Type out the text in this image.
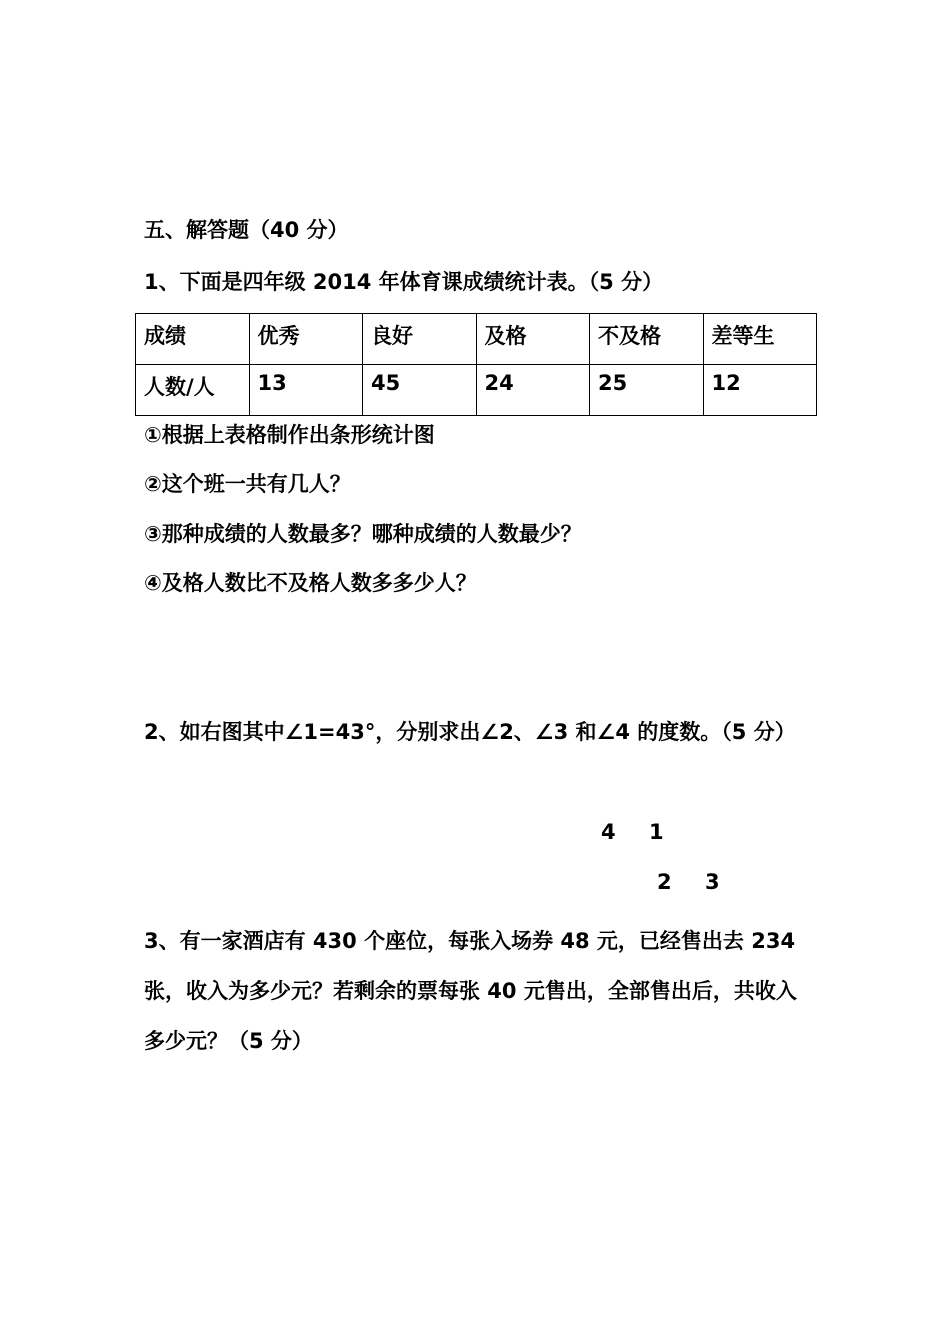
五、解答题（40 分）
1、下面是四年级 2014 年体育课成绩统计表。（5 分）
成绩	优秀	良好	及格	不及格	差等生
人数/人	13	45	24	25	12
①根据上表格制作出条形统计图
②这个班一共有几人？
③那种成绩的人数最多？哪种成绩的人数最少？
④及格人数比不及格人数多多少人？
2、如右图其中∠1=43°，分别求出∠2、∠3 和∠4 的度数。（5 分）
4 1
2 3
3、有一家酒店有 430 个座位，每张入场券 48 元，已经售出去 234 张，收入为多少元？若剩余的票每张 40 元售出，全部售出后，共收入多少元？（5 分）
